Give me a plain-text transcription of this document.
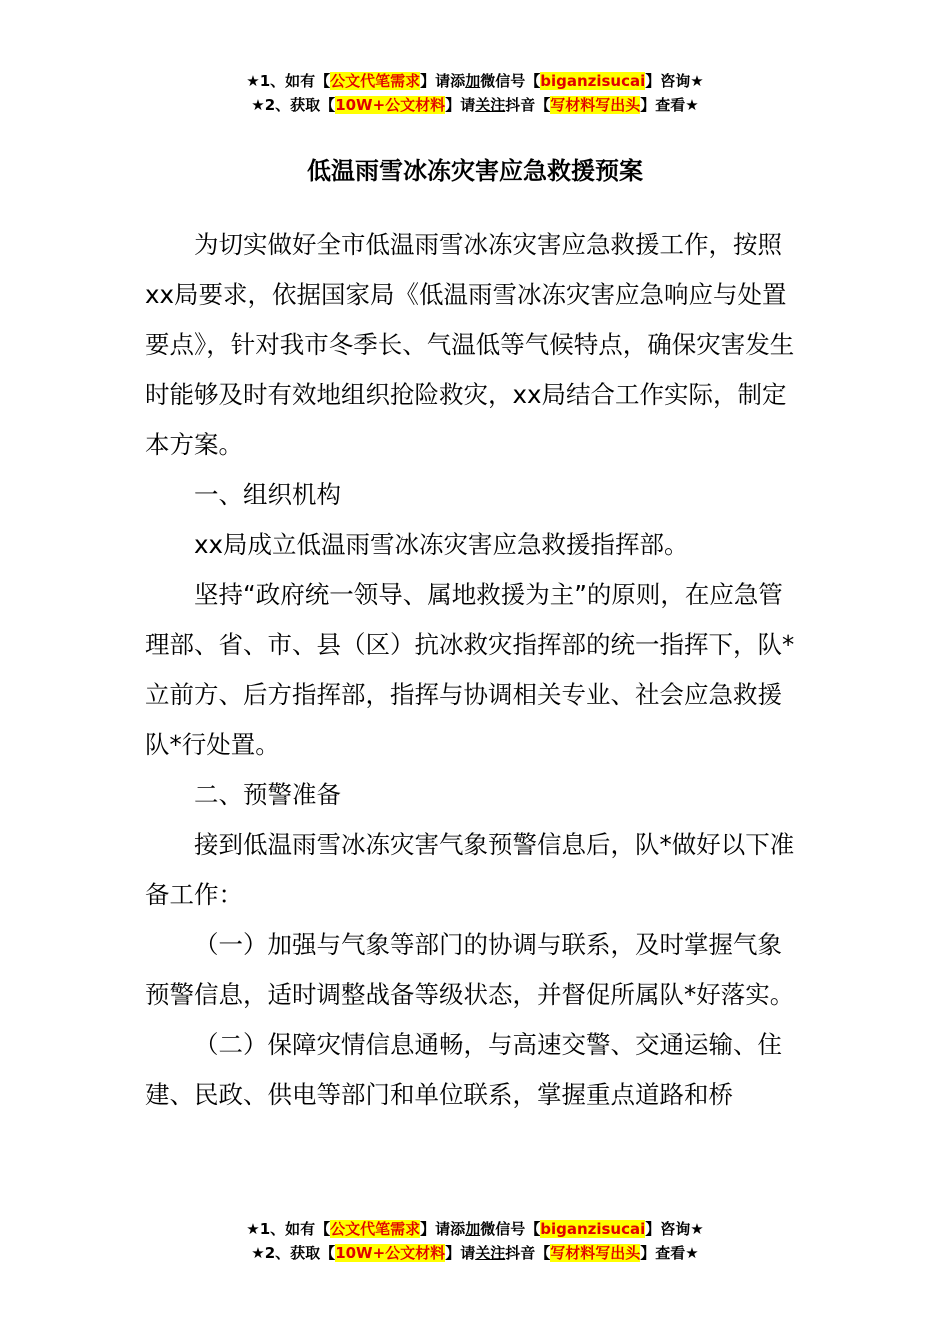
★1、如有【公文代笔需求】请添加微信号【biganzisucai】咨询★
★2、获取【10W+公文材料】请关注抖音【写材料写出头】查看★
低温雨雪冰冻灾害应急救援预案

为切实做好全市低温雨雪冰冻灾害应急救援工作，按照xx局要求，依据国家局《低温雨雪冰冻灾害应急响应与处置要点》，针对我市冬季长、气温低等气候特点，确保灾害发生时能够及时有效地组织抢险救灾，xx局结合工作实际，制定本方案。

一、组织机构

xx局成立低温雨雪冰冻灾害应急救援指挥部。

坚持“政府统一领导、属地救援为主”的原则，在应急管理部、省、市、县（区）抗冰救灾指挥部的统一指挥下，队*立前方、后方指挥部，指挥与协调相关专业、社会应急救援队*行处置。

二、预警准备

接到低温雨雪冰冻灾害气象预警信息后，队*做好以下准备工作：

（一）加强与气象等部门的协调与联系，及时掌握气象预警信息，适时调整战备等级状态，并督促所属队*好落实。

（二）保障灾情信息通畅，与高速交警、交通运输、住建、民政、供电等部门和单位联系，掌握重点道路和桥

★1、如有【公文代笔需求】请添加微信号【biganzisucai】咨询★
★2、获取【10W+公文材料】请关注抖音【写材料写出头】查看★
